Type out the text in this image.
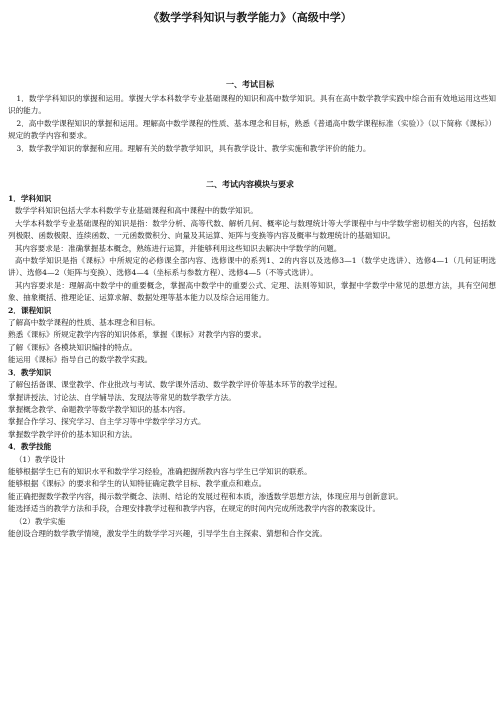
《数学学科知识与教学能力》（高级中学）
一、考试目标

1．数学学科知识的掌握和运用。掌握大学本科数学专业基础课程的知识和高中数学知识。具有在高中数学教学实践中综合而有效地运用这些知识的能力。

2．高中数学课程知识的掌握和运用。理解高中数学课程的性质、基本理念和目标，熟悉《普通高中数学课程标准（实验）》（以下简称《课标》）规定的教学内容和要求。

3．数学教学知识的掌握和应用。理解有关的数学教学知识，具有教学设计、教学实施和教学评价的能力。

二、考试内容模块与要求

1．学科知识

数学学科知识包括大学本科数学专业基础课程和高中课程中的数学知识。

大学本科数学专业基础课程的知识是指：数学分析、高等代数、解析几何、概率论与数理统计等大学课程中与中学数学密切相关的内容，包括数列极限、函数极限、连续函数、一元函数微积分、向量及其运算、矩阵与变换等内容及概率与数理统计的基础知识。

其内容要求是：准确掌握基本概念，熟练进行运算，并能够利用这些知识去解决中学数学的问题。

高中数学知识是指《课标》中所规定的必修课全部内容、选修课中的系列1、2的内容以及选修3—1（数学史选讲）、选修4—1（几何证明选讲）、选修4—2（矩阵与变换）、选修4—4（坐标系与参数方程）、选修4—5（不等式选讲）。

其内容要求是：理解高中数学中的重要概念，掌握高中数学中的重要公式、定理、法则等知识，掌握中学数学中常见的思想方法，具有空间想象、抽象概括、推理论证、运算求解、数据处理等基本能力以及综合运用能力。

2．课程知识

了解高中数学课程的性质、基本理念和目标。

熟悉《课标》所规定教学内容的知识体系，掌握《课标》对教学内容的要求。

了解《课标》各模块知识编排的特点。

能运用《课标》指导自己的数学教学实践。

3．教学知识

了解包括备课、课堂教学、作业批改与考试、数学课外活动、数学教学评价等基本环节的教学过程。

掌握讲授法、讨论法、自学辅导法、发现法等常见的数学教学方法。

掌握概念教学、命题教学等数学教学知识的基本内容。

掌握合作学习、探究学习、自主学习等中学数学学习方式。

掌握数学教学评价的基本知识和方法。

4．教学技能

（1）教学设计

能够根据学生已有的知识水平和数学学习经验，准确把握所教内容与学生已学知识的联系。

能够根据《课标》的要求和学生的认知特征确定教学目标、教学重点和难点。

能正确把握数学教学内容，揭示数学概念、法则、结论的发展过程和本质，渗透数学思想方法，体现应用与创新意识。

能选择适当的教学方法和手段，合理安排教学过程和教学内容，在规定的时间内完成所选教学内容的教案设计。

（2）教学实施

能创设合理的数学教学情境，激发学生的数学学习兴趣，引导学生自主探索、猜想和合作交流。
